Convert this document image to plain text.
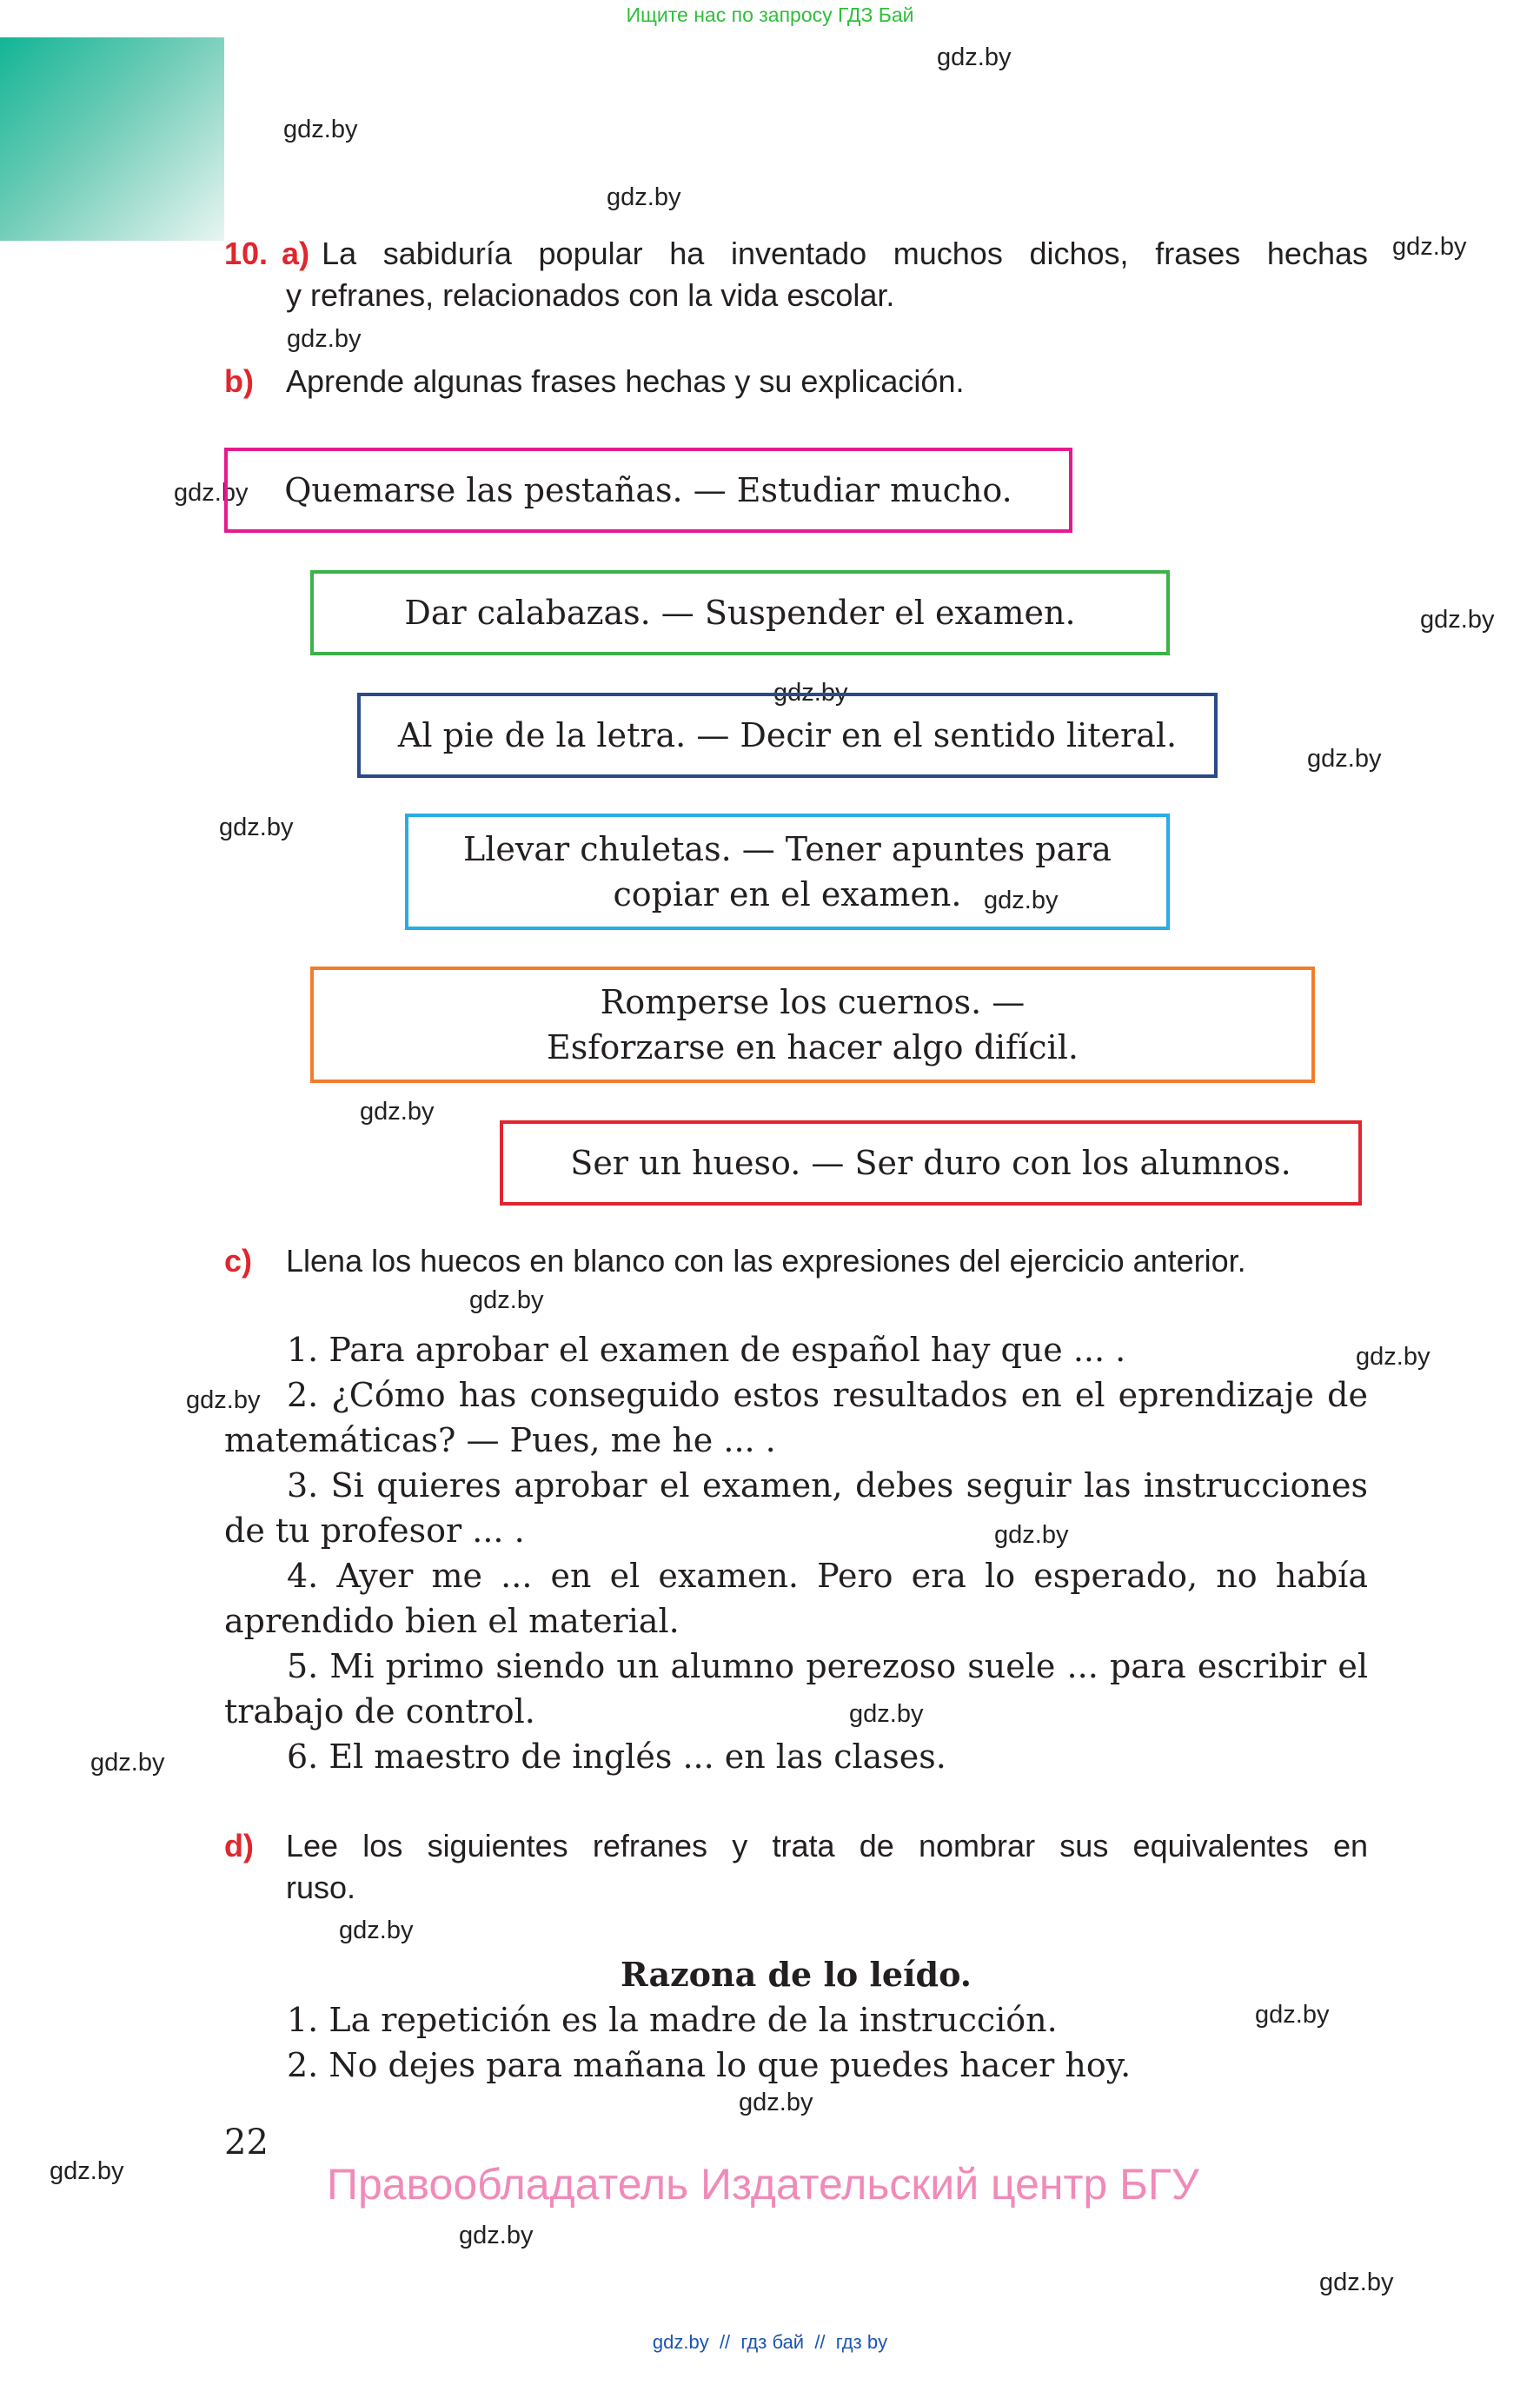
Ищите нас по запросу ГДЗ Бай
gdz.by
gdz.by
gdz.by
gdz.by
gdz.by
gdz.by
gdz.by
gdz.by
gdz.by
gdz.by
gdz.by
gdz.by
gdz.by
gdz.by
gdz.by
gdz.by
gdz.by
gdz.by
gdz.by
gdz.by
gdz.by
gdz.by
gdz.by
gdz.by
10. a) La sabiduría popular ha inventado muchos dichos, frases hechas
y refranes, relacionados con la vida escolar.
b) Aprende algunas frases hechas y su explicación.
Quemarse las pestañas. — Estudiar mucho.
Dar calabazas. — Suspender el examen.
Al pie de la letra. — Decir en el sentido literal.
Llevar chuletas. — Tener apuntes para
copiar en el examen.
Romperse los cuernos. —
Esforzarse en hacer algo difícil.
Ser un hueso. — Ser duro con los alumnos.
c) Llena los huecos en blanco con las expresiones del ejercicio anterior.
1. Para aprobar el examen de español hay que ... .
2. ¿Cómo has conseguido estos resultados en el eprendizaje de matemáticas? — Pues, me he ... .
3. Si quieres aprobar el examen, debes seguir las instrucciones de tu profesor ... .
4. Ayer me ... en el examen. Pero era lo esperado, no había aprendido bien el material.
5. Mi primo siendo un alumno perezoso suele ... para escribir el trabajo de control.
6. El maestro de inglés ... en las clases.
d) Lee los siguientes refranes y trata de nombrar sus equivalentes en
ruso.
Razona de lo leído.
1. La repetición es la madre de la instrucción.
2. No dejes para mañana lo que puedes hacer hoy.
22
Правообладатель Издательский центр БГУ
gdz.by  //  гдз бай  //  гдз by
